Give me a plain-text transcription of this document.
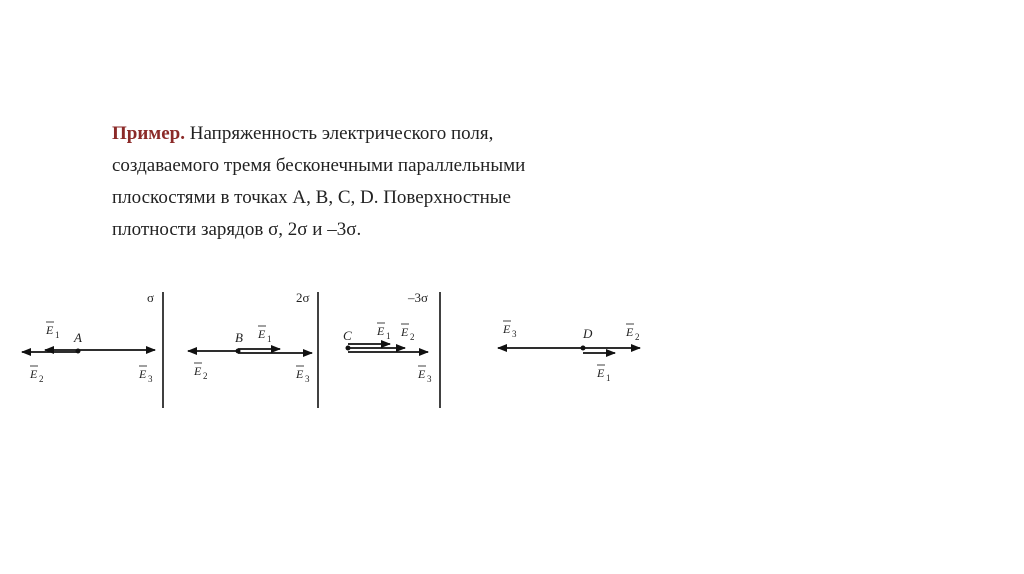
Пример. Напряженность электрического поля,
создаваемого тремя бесконечными параллельными
плоскостями в точках A, B, C, D. Поверхностные
плотности зарядов σ, 2σ и –3σ.
σ	2σ	–3σ
A
E 1
E 2	E 3
B E 1
E 2	E 3
C E 1 E 2
E 3
D
E 3	E 2
E 1
